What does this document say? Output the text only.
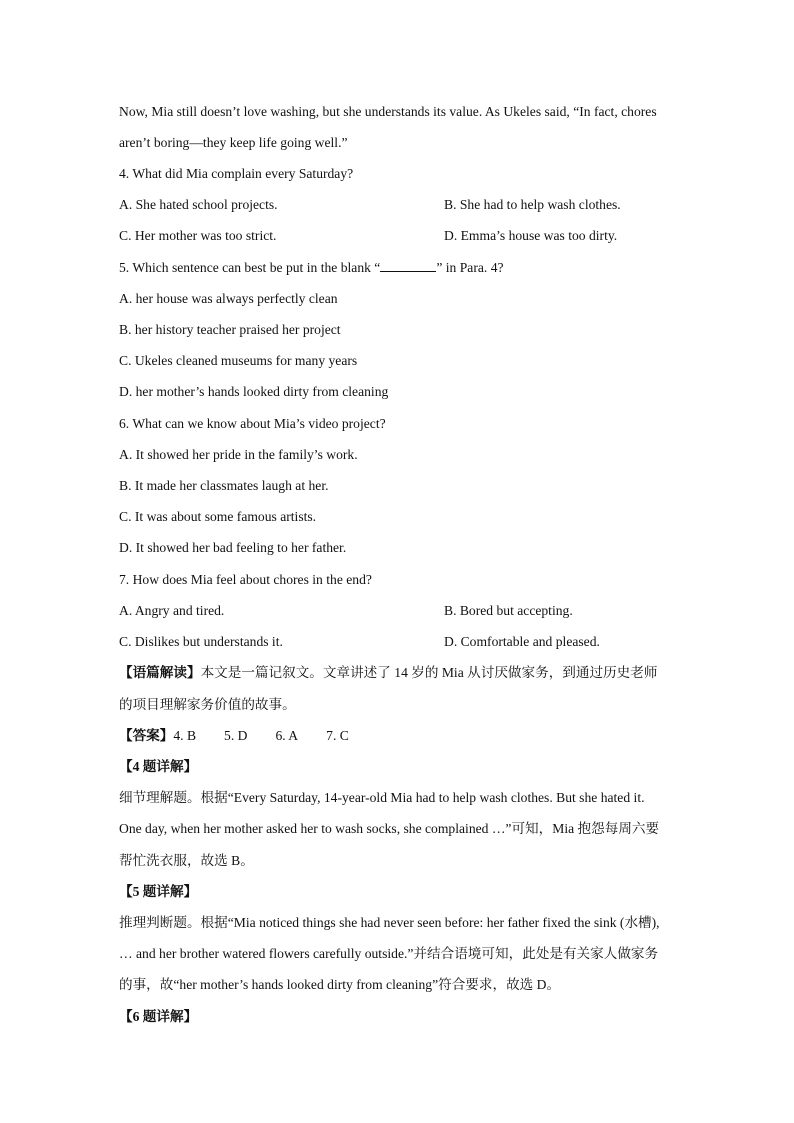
Now, Mia still doesn’t love washing, but she understands its value. As Ukeles said, “In fact, chores
aren’t boring—they keep life going well.”
4. What did Mia complain every Saturday?
A. She hated school projects.	B. She had to help wash clothes.
C. Her mother was too strict.	D. Emma’s house was too dirty.
5. Which sentence can best be put in the blank “	” in Para. 4?
A. her house was always perfectly clean
B. her history teacher praised her project
C. Ukeles cleaned museums for many years
D. her mother’s hands looked dirty from cleaning
6. What can we know about Mia’s video project?
A. It showed her pride in the family’s work.
B. It made her classmates laugh at her.
C. It was about some famous artists.
D. It showed her bad feeling to her father.
7. How does Mia feel about chores in the end?
A. Angry and tired.	B. Bored but accepting.
C. Dislikes but understands it.	D. Comfortable and pleased.
【语篇解读】本文是一篇记叙文。文章讲述了 14 岁的 Mia 从讨厌做家务，到通过历史老师
的项目理解家务价值的故事。
【答案】4. B 5. D 6. A 7. C
【4 题详解】
细节理解题。根据“Every Saturday, 14-year-old Mia had to help wash clothes. But she hated it.
One day, when her mother asked her to wash socks, she complained …”可知，Mia 抱怨每周六要
帮忙洗衣服，故选 B。
【5 题详解】
推理判断题。根据“Mia noticed things she had never seen before: her father fixed the sink (水槽),
… and her brother watered flowers carefully outside.”并结合语境可知，此处是有关家人做家务
的事，故“her mother’s hands looked dirty from cleaning”符合要求，故选 D。
【6 题详解】
